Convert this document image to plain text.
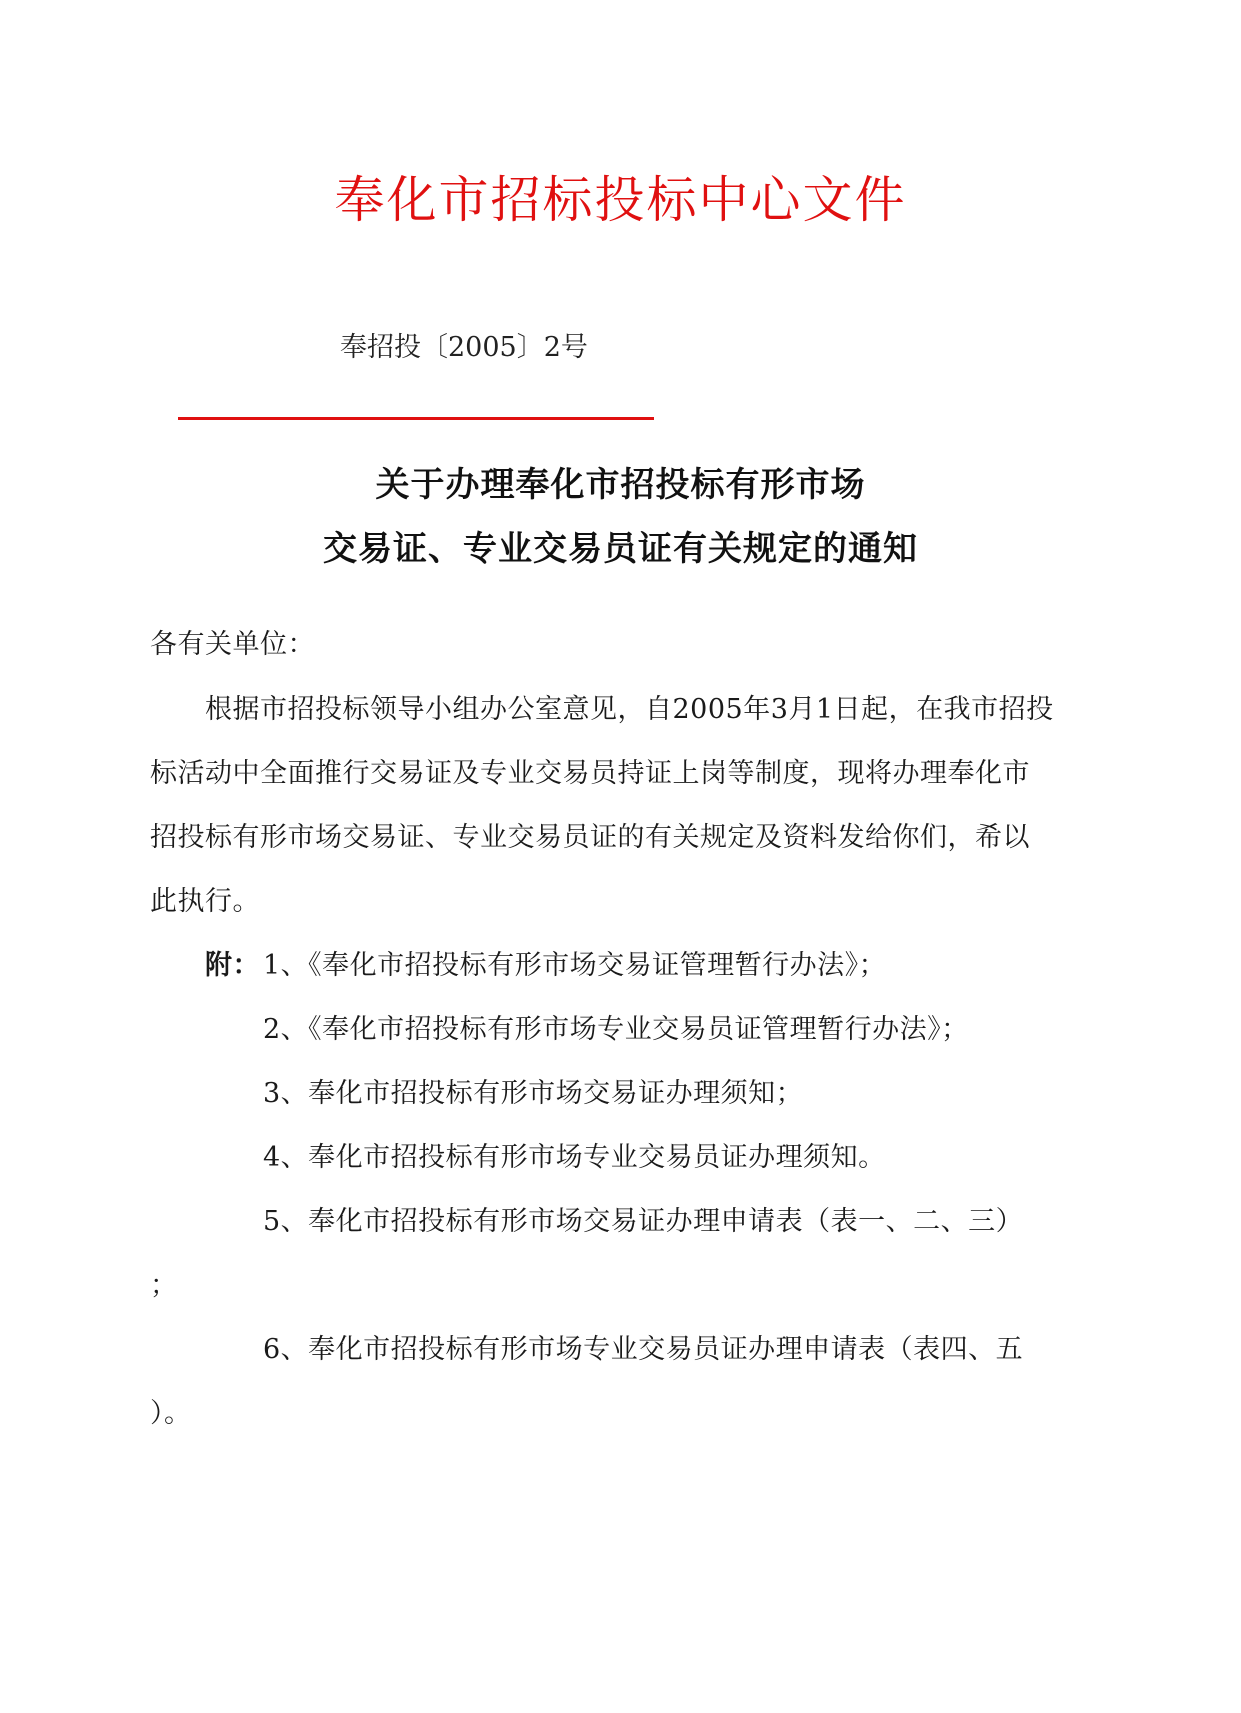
奉化市招标投标中心文件
奉招投〔2005〕2号
关于办理奉化市招投标有形市场
交易证、专业交易员证有关规定的通知
各有关单位：
根据市招投标领导小组办公室意见，自2005年3月1日起，在我市招投
标活动中全面推行交易证及专业交易员持证上岗等制度，现将办理奉化市
招投标有形市场交易证、专业交易员证的有关规定及资料发给你们，希以
此执行。
附： 1、《奉化市招投标有形市场交易证管理暂行办法》；
2、《奉化市招投标有形市场专业交易员证管理暂行办法》；
3、奉化市招投标有形市场交易证办理须知；
4、奉化市招投标有形市场专业交易员证办理须知。
5、奉化市招投标有形市场交易证办理申请表（表一、二、三）
；
6、奉化市招投标有形市场专业交易员证办理申请表（表四、五
）。
